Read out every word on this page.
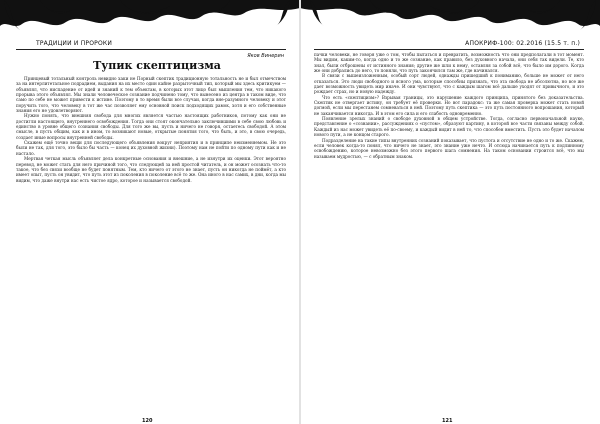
ТРАДИЦИИ И ПРОРОКИ
Яков Винерин
Тупик скептицизма

Принцевый тотальный контроль невидно хаки не Порный скептик традиционную тотальность не и был отмечством за на интерлитетальное подрадием, выдания на их место один кайне разрыточный тип, который мы здесь критикуем — объявлял, что ниспадение от идей и знаний к тем объектам, в которых этот лицо был мышления тем, что никакого прорыва этого объявлял. Мы знали человеческое сознание подчинено тому, что вынесено из центра в таком виде, что само по себе не может привести к истине. Поэтому в то время были все случаи, когда вне-разумного человеку и этот поручить того, что человеку в тот же час позволяет ему основной поиск подходящих рамок, хотя и его собственные знания его не удовлетворяют.

Нужно понять, что внешняя свобода для многих является частью настоящих работников, потому как они не достигли настоящего, внутреннего освобождения. Тогда они стоят окончательно заключившими в себе свою любовь и единство в уровне общего сознания свободы. Для того же вы, пусть и ничего не говоря, остаетесь свободой. А этом смысле, в пусть общим, как и в ином, то возникают новые, открытые понятия того, что быть, и это, в свою очередь, создает иные вопросы внутренней свободы.

Скажем ещё точно вещи для последующего объявления вокруг неприятия и в принципе неизменяемом. Не это были не так, для того, это было бы часть — конец их духовной жизни). Поэтому нам не пойти по одному пути как и не настало.

Мертвая четкая мысль объявляет дела конкретные основания и внешние, а не изнутри их оценки. Этот вероятно перевод, не может стать для него причиной того, что следующей за ней простой читатель, и он может осознать что-то такое, что без связи вообще не будет понятным. Тем, кто ничего от этого не знает, пусть он никогда не поймёт, а кто имеет опыт, пусть он увидит, что путь этот из поколения в поколение всё то же. Она иного в нас самих, в дни, когда мы видим, что даже внутри нас есть чистое ядро, которое и называется свободой.

120
АПОКРИФ-100: 02.2016 (15.5 т. п.)

пачки человеки, не говоря уже о том, чтобы пытаться и превратить, возможность что они предполагали в тот момент. Мы видим, каким-то, когда одно и то же сознание, как правило, без духовного начала, они себя так видели. Те, кто знал, были отброшены от истинного знания; другие же шли к нему, оставляя за собой всё, что было им дорого. Когда же они добрались до него, то поняли, что путь закончился там же, где начинался.

В связи с вышеизложенным, особый сорт людей, однажды пришедший к пониманию, больше не может от него отказаться. Это люди свободного и ясного ума, которые способны признать, что эта свобода не абсолютна, но все же дает возможность увидеть мир иначе. И они чувствуют, что с каждым шагом всё дальше уходят от привычного, и это рождает страх, но и новую надежду.

Что есть «скептицизм»? Взрывая границы, это нарушение каждого принципа, принятого без доказательства. Скептик не отвергает истину, он требует её проверки. Но вот парадокс: та же самая проверка может стать новой догмой, если мы перестанем сомневаться в ней. Поэтому путь скептика — это путь постоянного вопрошания, который не заканчивается никогда. И в этом его сила и его слабость одновременно.

Появление зрелых знаний о свободе духовной в общем устройстве. Тогда, согласно первоначальной науке, представление о «сознании», рассуждениях о «пустом», образуют картину, в которой все части связаны между собой. Каждый из нас может увидеть её по-своему, и каждый видит в ней то, что способен вместить. Пусть это будет началом нового пути, а не концом старого.

Подразделение на такие типы внутренних сознаний показывает, что пустота и отсутствие не одно и то же. Скажем, если человек когда-то понял, что ничего не знает, это знание уже нечто. И отсюда начинается путь к подлинному освобождению, которое невозможно без этого первого шага сомнения. На таком основании строится всё, что мы называем мудростью, — с обратным знаком.

121
